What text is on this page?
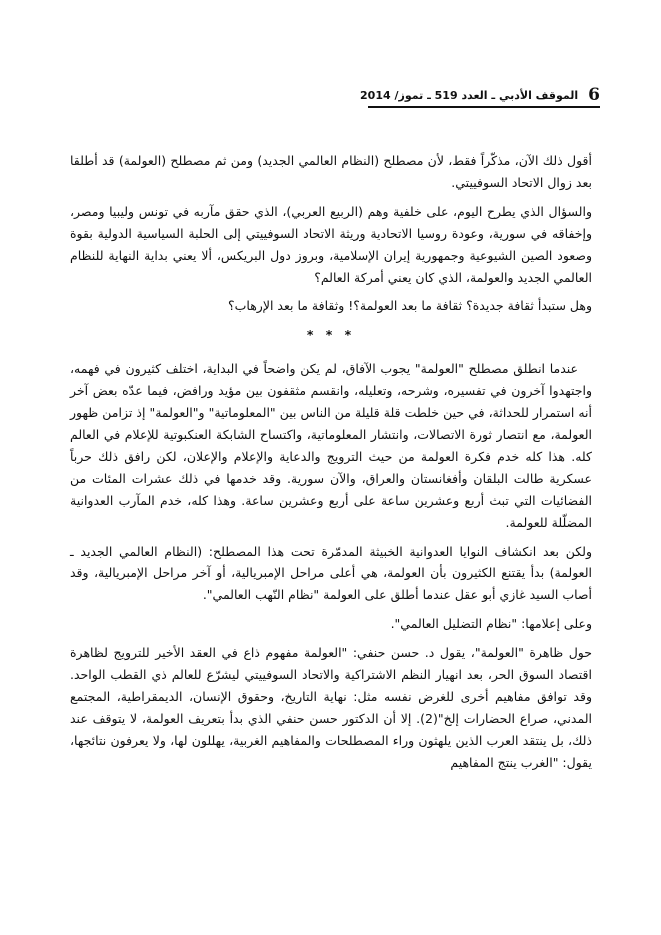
6
الموقف الأدبي ـ العدد 519 ـ تموز/ 2014

أقول ذلك الآن، مذكّراً فقط، لأن مصطلح (النظام العالمي الجديد) ومن ثم مصطلح (العولمة) قد أطلقا بعد زوال الاتحاد السوفييتي.

والسؤال الذي يطرح اليوم، على خلفية وهم (الربيع العربي)، الذي حقق مآربه في تونس وليبيا ومصر، وإخفاقه في سورية، وعودة روسيا الاتحادية وريثة الاتحاد السوفييتي إلى الحلبة السياسية الدولية بقوة وصعود الصين الشيوعية وجمهورية إيران الإسلامية، وبروز دول البريكس، ألا يعني بداية النهاية للنظام العالمي الجديد والعولمة، الذي كان يعني أمركة العالم؟

وهل ستبدأ ثقافة جديدة؟ ثقافة ما بعد العولمة؟! وثقافة ما بعد الإرهاب؟

* * *

عندما انطلق مصطلح "العولمة" يجوب الآفاق، لم يكن واضحاً في البداية، اختلف كثيرون في فهمه، واجتهدوا آخرون في تفسيره، وشرحه، وتعليله، وانقسم مثقفون بين مؤيد ورافض، فيما عدّه بعض آخر أنه استمرار للحداثة، في حين خلطت قلة قليلة من الناس بين "المعلوماتية" و"العولمة" إذ تزامن ظهور العولمة، مع انتصار ثورة الاتصالات، وانتشار المعلوماتية، واكتساح الشابكة العنكبوتية للإعلام في العالم كله. هذا كله خدم فكرة العولمة من حيث الترويج والدعاية والإعلام والإعلان، لكن رافق ذلك حرباً عسكرية طالت البلقان وأفغانستان والعراق، والآن سورية. وقد خدمها في ذلك عشرات المئات من الفضائيات التي تبث أربع وعشرين ساعة على أربع وعشرين ساعة. وهذا كله، خدم المآرب العدوانية المضلّلة للعولمة.

ولكن بعد انكشاف النوايا العدوانية الخبيثة المدمّرة تحت هذا المصطلح: (النظام العالمي الجديد ـ العولمة) بدأ يقتنع الكثيرون بأن العولمة، هي أعلى مراحل الإمبريالية، أو آخر مراحل الإمبريالية، وقد أصاب السيد غازي أبو عقل عندما أطلق على العولمة "نظام النّهب العالمي".

وعلى إعلامها: "نظام التضليل العالمي".

حول ظاهرة "العولمة"، يقول د. حسن حنفي: "العولمة مفهوم ذاع في العقد الأخير للترويج لظاهرة اقتصاد السوق الحر، بعد انهيار النظم الاشتراكية والاتحاد السوفييتي ليشرّع للعالم ذي القطب الواحد. وقد توافق مفاهيم أخرى للغرض نفسه مثل: نهاية التاريخ، وحقوق الإنسان، الديمقراطية، المجتمع المدني، صراع الحضارات إلخ"(2). إلا أن الدكتور حسن حنفي الذي بدأ بتعريف العولمة، لا يتوقف عند ذلك، بل ينتقد العرب الذين يلهثون وراء المصطلحات والمفاهيم الغربية، يهللون لها، ولا يعرفون نتائجها، يقول: "الغرب ينتج المفاهيم
